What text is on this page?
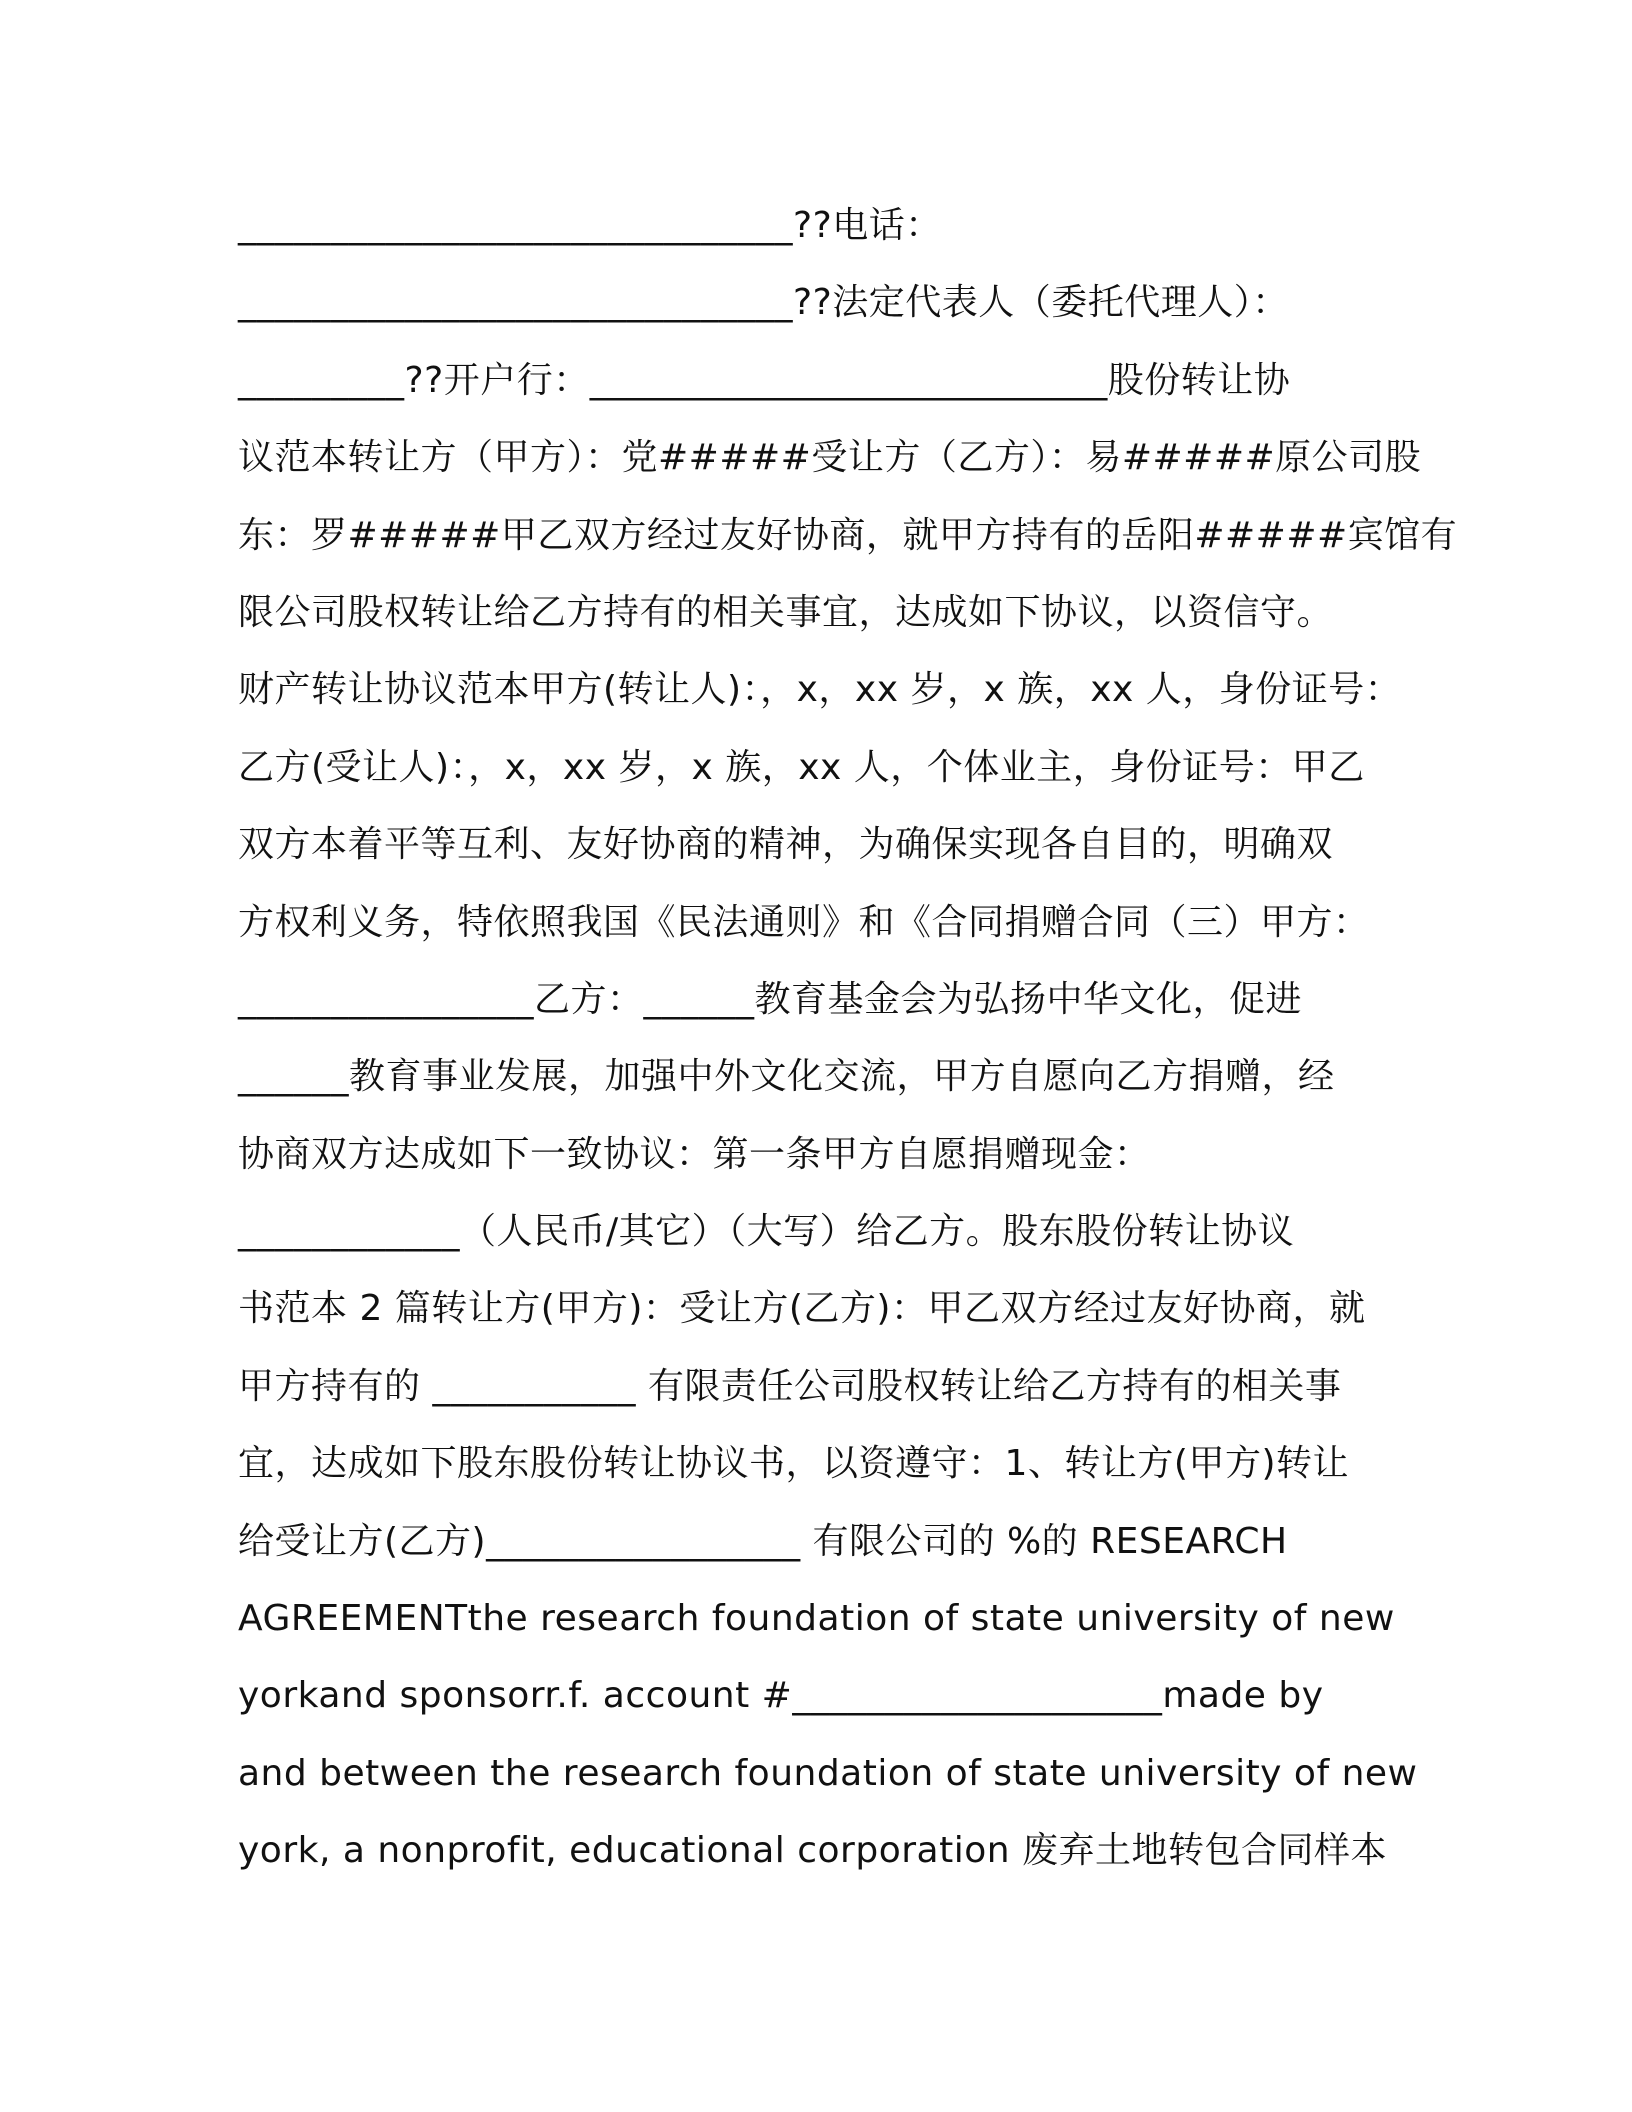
______________________________??电话：
______________________________??法定代表人（委托代理人）：
_________??开户行：____________________________股份转让协
议范本转让方（甲方）：党#####受让方（乙方）：易#####原公司股
东：罗#####甲乙双方经过友好协商，就甲方持有的岳阳#####宾馆有
限公司股权转让给乙方持有的相关事宜，达成如下协议，以资信守。
财产转让协议范本甲方(转让人)：，x，xx 岁，x 族，xx 人，身份证号：
乙方(受让人)：，x，xx 岁，x 族，xx 人，个体业主，身份证号：甲乙
双方本着平等互利、友好协商的精神，为确保实现各自目的，明确双
方权利义务，特依照我国《民法通则》和《合同捐赠合同（三）甲方：
________________乙方：______教育基金会为弘扬中华文化，促进
______教育事业发展，加强中外文化交流，甲方自愿向乙方捐赠，经
协商双方达成如下一致协议：第一条甲方自愿捐赠现金：
____________（人民币/其它）（大写）给乙方。股东股份转让协议
书范本 2 篇转让方(甲方)：受让方(乙方)：甲乙双方经过友好协商，就
甲方持有的 ___________ 有限责任公司股权转让给乙方持有的相关事
宜，达成如下股东股份转让协议书，以资遵守：1、转让方(甲方)转让
给受让方(乙方)_________________ 有限公司的 %的 RESEARCH
AGREEMENTthe research foundation of state university of new
yorkand sponsorr.f. account #____________________made by
and between the research foundation of state university of new
york, a nonprofit, educational corporation 废弃土地转包合同样本
